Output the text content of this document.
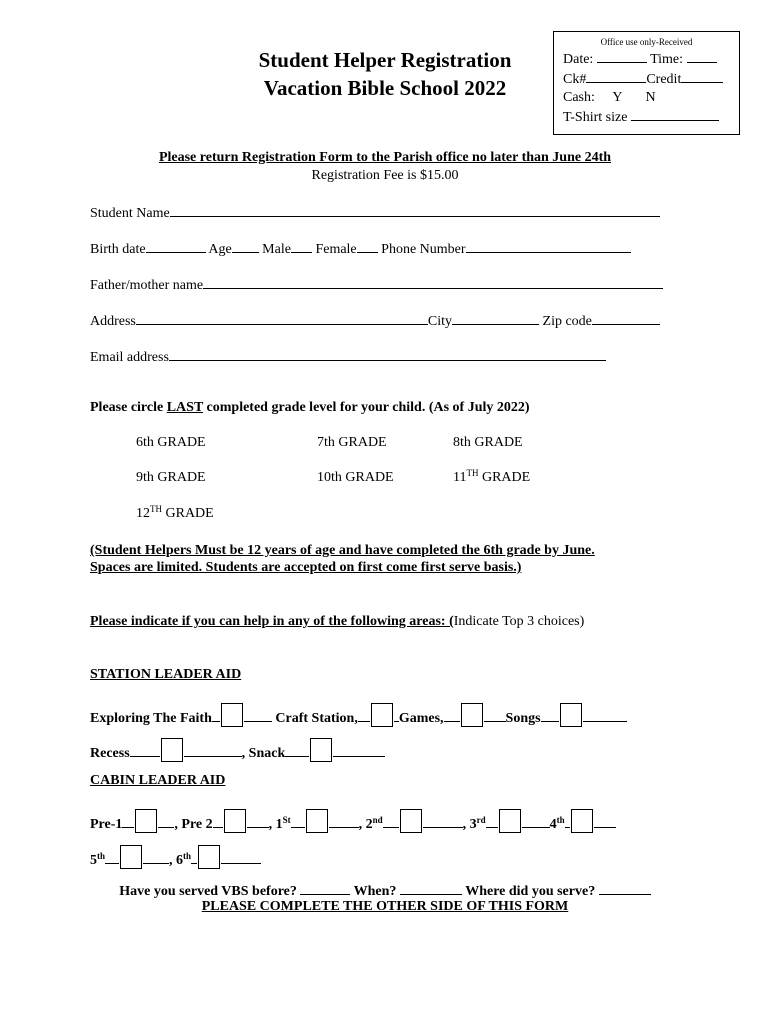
Student Helper Registration
Vacation Bible School 2022
Office use only-Received
Date:	Time:
Ck#	Credit
Cash: Y N
T-Shirt size
Please return Registration Form to the Parish office no later than June 24th
Registration Fee is $15.00
Student Name
Birth date	Age Male Female Phone Number
Father/mother name
Address	City	Zip code
Email address
Please circle LAST completed grade level for your child. (As of July 2022)
6th GRADE	7th GRADE	8th GRADE
9th GRADE	10th GRADE	11TH GRADE
12TH GRADE
(Student Helpers Must be 12 years of age and have completed the 6th grade by June.
Spaces are limited. Students are accepted on first come first serve basis.)
Please indicate if you can help in any of the following areas: (Indicate Top 3 choices)
STATION LEADER AID
Exploring The Faith	Craft Station,	Games,	Songs
Recess	, Snack
CABIN LEADER AID
Pre-1	, Pre 2	, 1St	, 2nd	, 3rd	4th
5th	, 6th
Have you served VBS before?	When?	Where did you serve?
PLEASE COMPLETE THE OTHER SIDE OF THIS FORM
